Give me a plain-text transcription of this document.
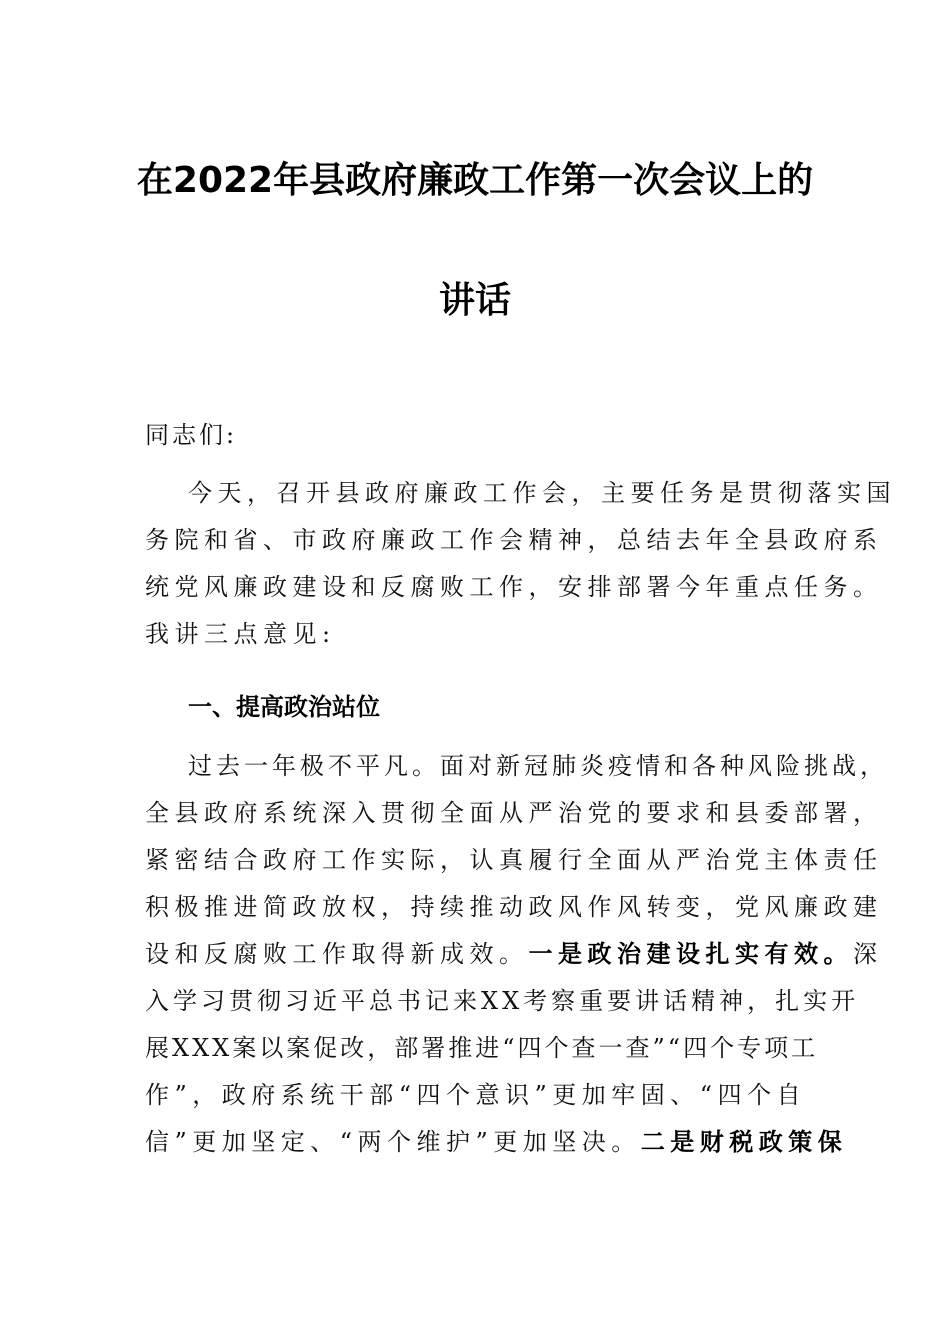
在2022年县政府廉政工作第一次会议上的
讲话
同志们:
今天，召开县政府廉政工作会，主要任务是贯彻落实国
务院和省、市政府廉政工作会精神，总结去年全县政府系
统党风廉政建设和反腐败工作，安排部署今年重点任务。
我讲三点意见:
一、提高政治站位
过去一年极不平凡。面对新冠肺炎疫情和各种风险挑战，
全县政府系统深入贯彻全面从严治党的要求和县委部署，
紧密结合政府工作实际，认真履行全面从严治党主体责任
积极推进简政放权，持续推动政风作风转变，党风廉政建
设和反腐败工作取得新成效。一是政治建设扎实有效。深
入学习贯彻习近平总书记来XX考察重要讲话精神，扎实开
展XXX案以案促改，部署推进“四个查一查”“四个专项工
作”，政府系统干部“四个意识”更加牢固、“四个自
信”更加坚定、“两个维护”更加坚决。二是财税政策保
